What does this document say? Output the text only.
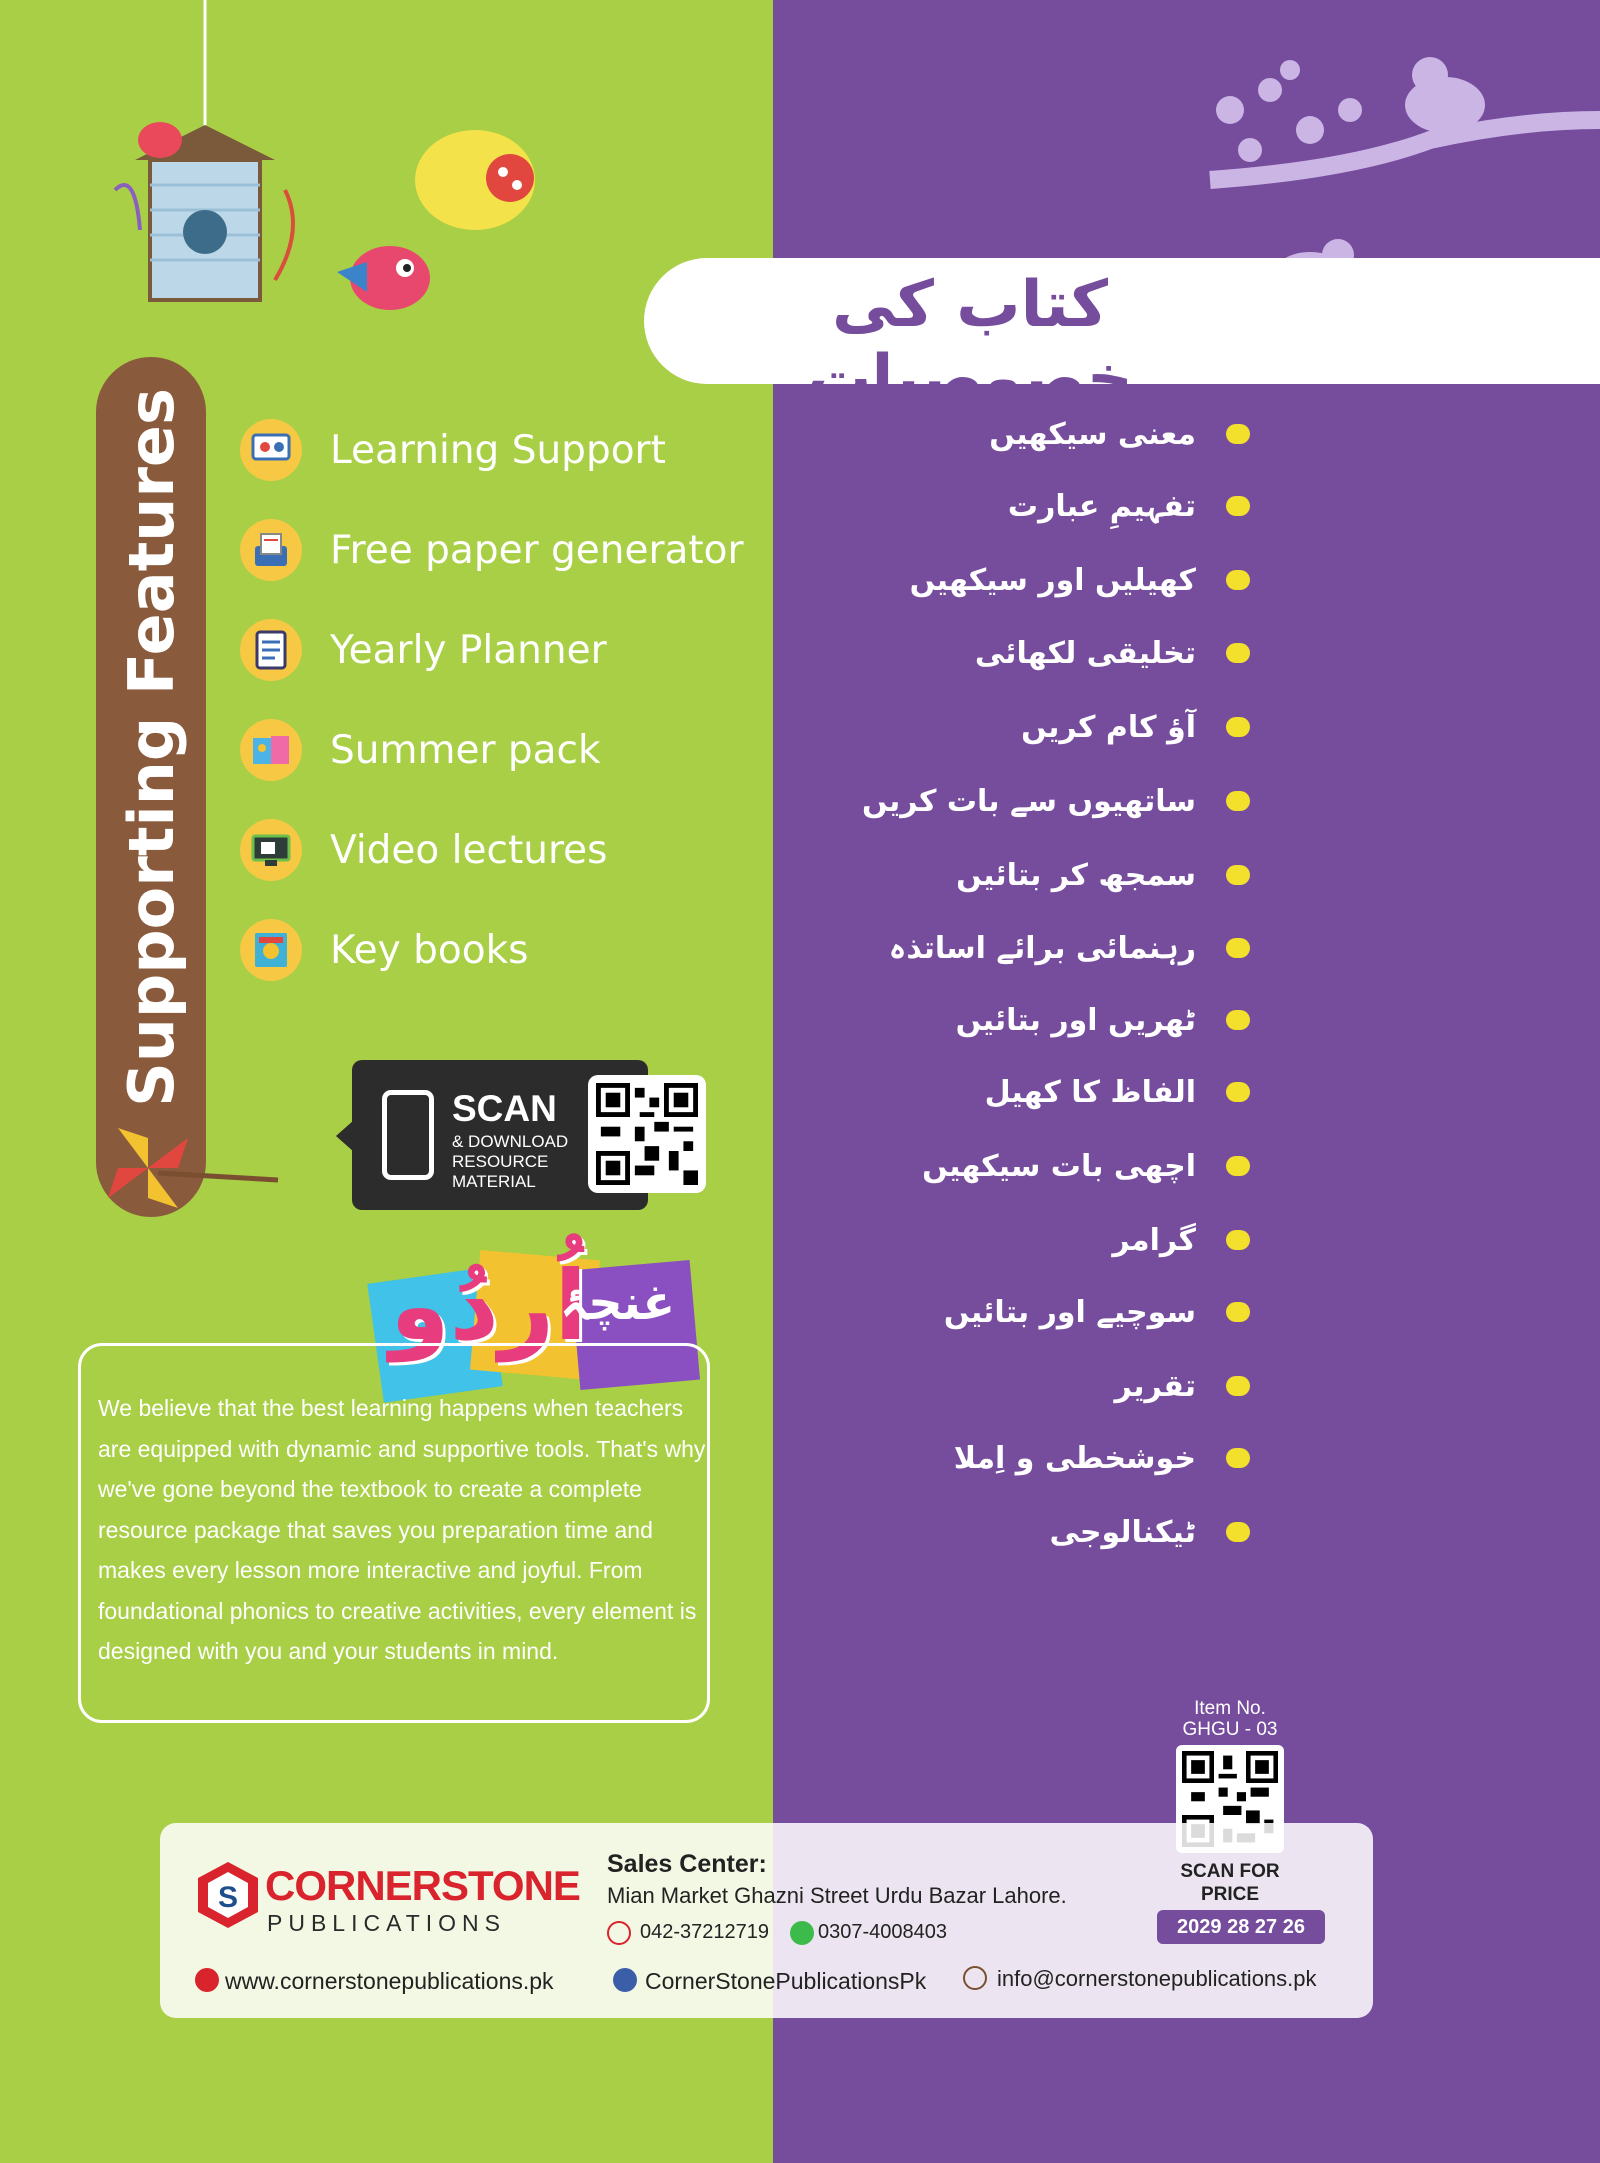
Supporting Features	Learning Support
Free paper generator
Yearly Planner
Summer pack
Video lectures
Key books
SCAN
& DOWNLOAD RESOURCE MATERIAL
اُردُو
غنچۂ
We believe that the best learning happens when teachers are equipped with dynamic and supportive tools. That's why we've gone beyond the textbook to create a complete resource package that saves you preparation time and makes every lesson more interactive and joyful. From foundational phonics to creative activities, every element is designed with you and your students in mind.
کتاب کی خصوصیات
معنی سیکھیں
تفہیمِ عبارت
کھیلیں اور سیکھیں
تخلیقی لکھائی
آؤ کام کریں
ساتھیوں سے بات کریں
سمجھ کر بتائیں
رہنمائی برائے اساتذہ
ٹھریں اور بتائیں
الفاظ کا کھیل
اچھی بات سیکھیں
گرامر
سوچیے اور بتائیں
تقریر
خوشخطی و اِملا
ٹیکنالوجی
Item No.
GHGU - 03
S CORNERSTONE
PUBLICATIONS
Sales Center:
Mian Market Ghazni Street Urdu Bazar Lahore.
042-37212719 0307-4008403
SCAN FOR PRICE
2029 28 27 26
www.cornerstonepublications.pk	CornerStonePublicationsPk	info@cornerstonepublications.pk
